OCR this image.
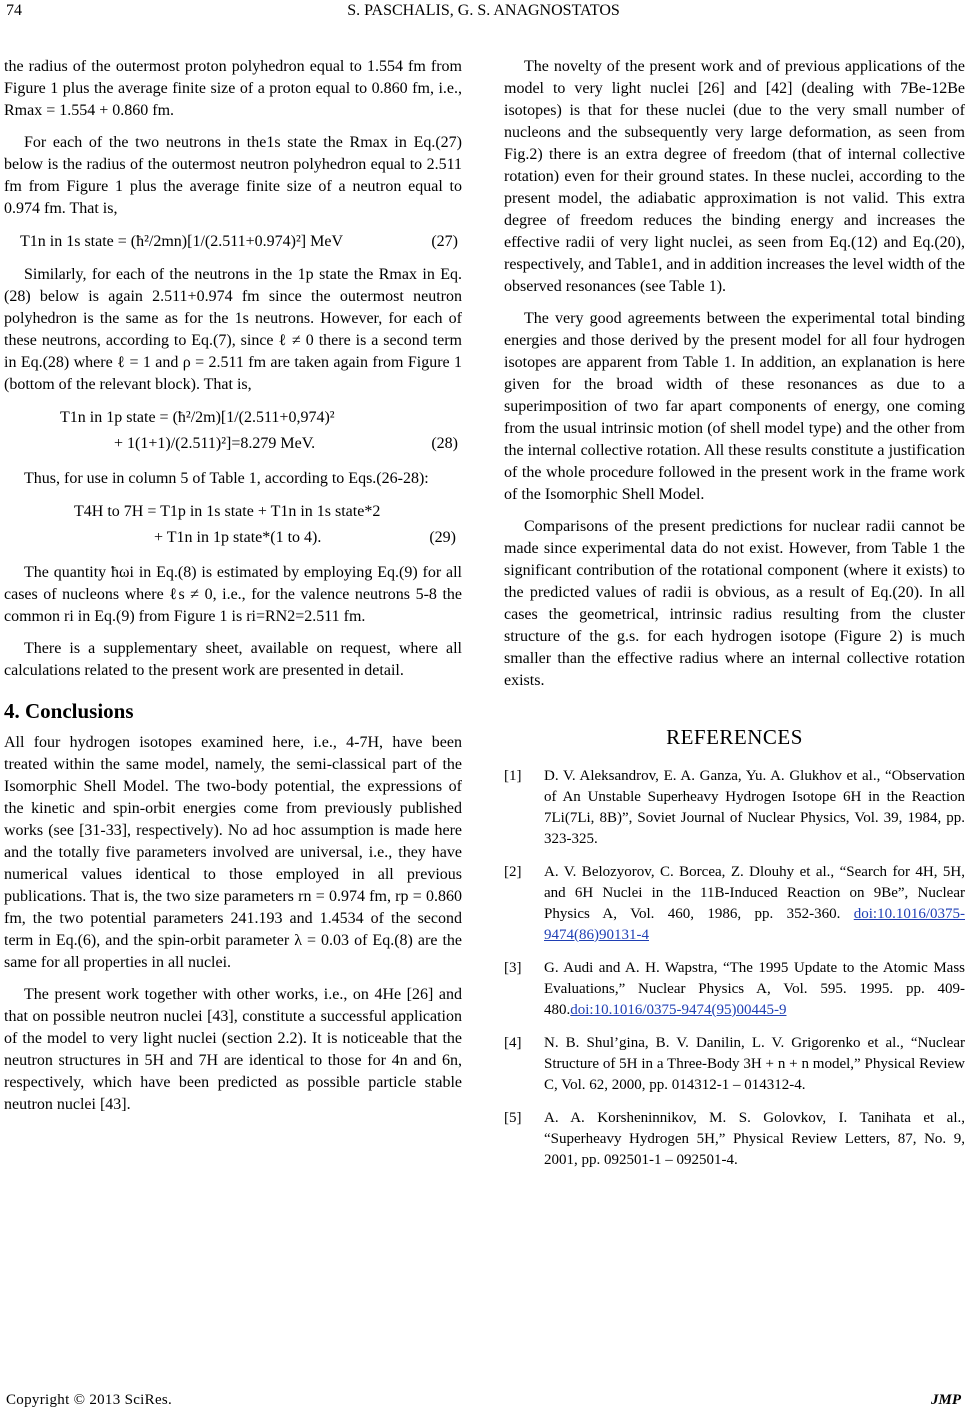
74	S. PASCHALIS, G. S. ANAGNOSTATOS

the radius of the outermost proton polyhedron equal to 1.554 fm from Figure 1 plus the average finite size of a proton equal to 0.860 fm, i.e., Rmax = 1.554 + 0.860 fm.

For each of the two neutrons in the1s state the Rmax in Eq.(27) below is the radius of the outermost neutron polyhedron equal to 2.511 fm from Figure 1 plus the average finite size of a neutron equal to 0.974 fm. That is,

T1n in 1s state = (ħ²/2mn)[1/(2.511+0.974)²] MeV	(27)

Similarly, for each of the neutrons in the 1p state the Rmax in Eq.(28) below is again 2.511+0.974 fm since the outermost neutron polyhedron is the same as for the 1s neutrons. However, for each of these neutrons, according to Eq.(7), since ℓ ≠ 0 there is a second term in Eq.(28) where ℓ = 1 and ρ = 2.511 fm are taken again from Figure 1 (bottom of the relevant block). That is,

T1n in 1p state = (ħ²/2m)[1/(2.511+0,974)²
+ 1(1+1)/(2.511)²]=8.279 MeV.	(28)

Thus, for use in column 5 of Table 1, according to Eqs.(26-28):

T4H to 7H = T1p in 1s state + T1n in 1s state*2
+ T1n in 1p state*(1 to 4).	(29)

The quantity ħωi in Eq.(8) is estimated by employing Eq.(9) for all cases of nucleons where ℓs ≠ 0, i.e., for the valence neutrons 5-8 the common ri in Eq.(9) from Figure 1 is ri=RN2=2.511 fm.

There is a supplementary sheet, available on request, where all calculations related to the present work are presented in detail.

4. Conclusions

All four hydrogen isotopes examined here, i.e., 4-7H, have been treated within the same model, namely, the semi-classical part of the Isomorphic Shell Model. The two-body potential, the expressions of the kinetic and spin-orbit energies come from previously published works (see [31-33], respectively). No ad hoc assumption is made here and the totally five parameters involved are universal, i.e., they have numerical values identical to those employed in all previous publications. That is, the two size parameters rn = 0.974 fm, rp = 0.860 fm, the two potential parameters 241.193 and 1.4534 of the second term in Eq.(6), and the spin-orbit parameter λ = 0.03 of Eq.(8) are the same for all properties in all nuclei.

The present work together with other works, i.e., on 4He [26] and that on possible neutron nuclei [43], constitute a successful application of the model to very light nuclei (section 2.2). It is noticeable that the neutron structures in 5H and 7H are identical to those for 4n and 6n, respectively, which have been predicted as possible particle stable neutron nuclei [43].

The novelty of the present work and of previous applications of the model to very light nuclei [26] and [42] (dealing with 7Be-12Be isotopes) is that for these nuclei (due to the very small number of nucleons and the subsequently very large deformation, as seen from Fig.2) there is an extra degree of freedom (that of internal collective rotation) even for their ground states. In these nuclei, according to the present model, the adiabatic approximation is not valid. This extra degree of freedom reduces the binding energy and increases the effective radii of very light nuclei, as seen from Eq.(12) and Eq.(20), respectively, and Table1, and in addition increases the level width of the observed resonances (see Table 1).

The very good agreements between the experimental total binding energies and those derived by the present model for all four hydrogen isotopes are apparent from Table 1. In addition, an explanation is here given for the broad width of these resonances as due to a superimposition of two far apart components of energy, one coming from the usual intrinsic motion (of shell model type) and the other from the internal collective rotation. All these results constitute a justification of the whole procedure followed in the present work in the frame work of the Isomorphic Shell Model.

Comparisons of the present predictions for nuclear radii cannot be made since experimental data do not exist. However, from Table 1 the significant contribution of the rotational component (where it exists) to the predicted values of radii is obvious, as a result of Eq.(20). In all cases the geometrical, intrinsic radius resulting from the cluster structure of the g.s. for each hydrogen isotope (Figure 2) is much smaller than the effective radius where an internal collective rotation exists.

REFERENCES
[1]	D. V. Aleksandrov, E. A. Ganza, Yu. A. Glukhov et al., “Observation of An Unstable Superheavy Hydrogen Isotope 6H in the Reaction 7Li(7Li, 8B)”, Soviet Journal of Nuclear Physics, Vol. 39, 1984, pp. 323-325.
[2]	A. V. Belozyorov, C. Borcea, Z. Dlouhy et al., “Search for 4H, 5H, and 6H Nuclei in the 11B-Induced Reaction on 9Be”, Nuclear Physics A, Vol. 460, 1986, pp. 352-360. doi:10.1016/0375-9474(86)90131-4
[3]	G. Audi and A. H. Wapstra, “The 1995 Update to the Atomic Mass Evaluations,” Nuclear Physics A, Vol. 595. 1995. pp. 409-480.doi:10.1016/0375-9474(95)00445-9
[4]	N. B. Shul’gina, B. V. Danilin, L. V. Grigorenko et al., “Nuclear Structure of 5H in a Three-Body 3H + n + n model,” Physical Review C, Vol. 62, 2000, pp. 014312-1 – 014312-4.
[5]	A. A. Korsheninnikov, M. S. Golovkov, I. Tanihata et al., “Superheavy Hydrogen 5H,” Physical Review Letters, 87, No. 9, 2001, pp. 092501-1 – 092501-4.
Copyright © 2013 SciRes.	JMP
